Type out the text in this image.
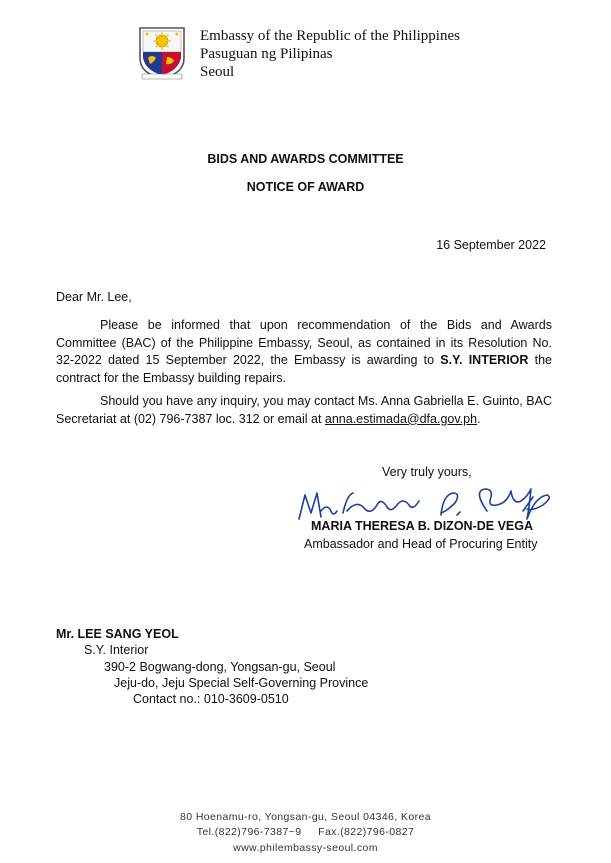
Embassy of the Republic of the Philippines
Pasuguan ng Pilipinas
Seoul
BIDS AND AWARDS COMMITTEE
NOTICE OF AWARD
16 September 2022
Dear Mr. Lee,
Please be informed that upon recommendation of the Bids and Awards Committee (BAC) of the Philippine Embassy, Seoul, as contained in its Resolution No. 32-2022 dated 15 September 2022, the Embassy is awarding to S.Y. INTERIOR the contract for the Embassy building repairs.
Should you have any inquiry, you may contact Ms. Anna Gabriella E. Guinto, BAC Secretariat at (02) 796-7387 loc. 312 or email at anna.estimada@dfa.gov.ph.
Very truly yours,
MARIA THERESA B. DIZON-DE VEGA
Ambassador and Head of Procuring Entity
Mr. LEE SANG YEOL
S.Y. Interior
390-2 Bogwang-dong, Yongsan-gu, Seoul
Jeju-do, Jeju Special Self-Governing Province
Contact no.: 010-3609-0510
80 Hoenamu-ro, Yongsan-gu, Seoul 04346, Korea
Tel.(822)796-7387~9     Fax.(822)796-0827
www.philembassy-seoul.com
